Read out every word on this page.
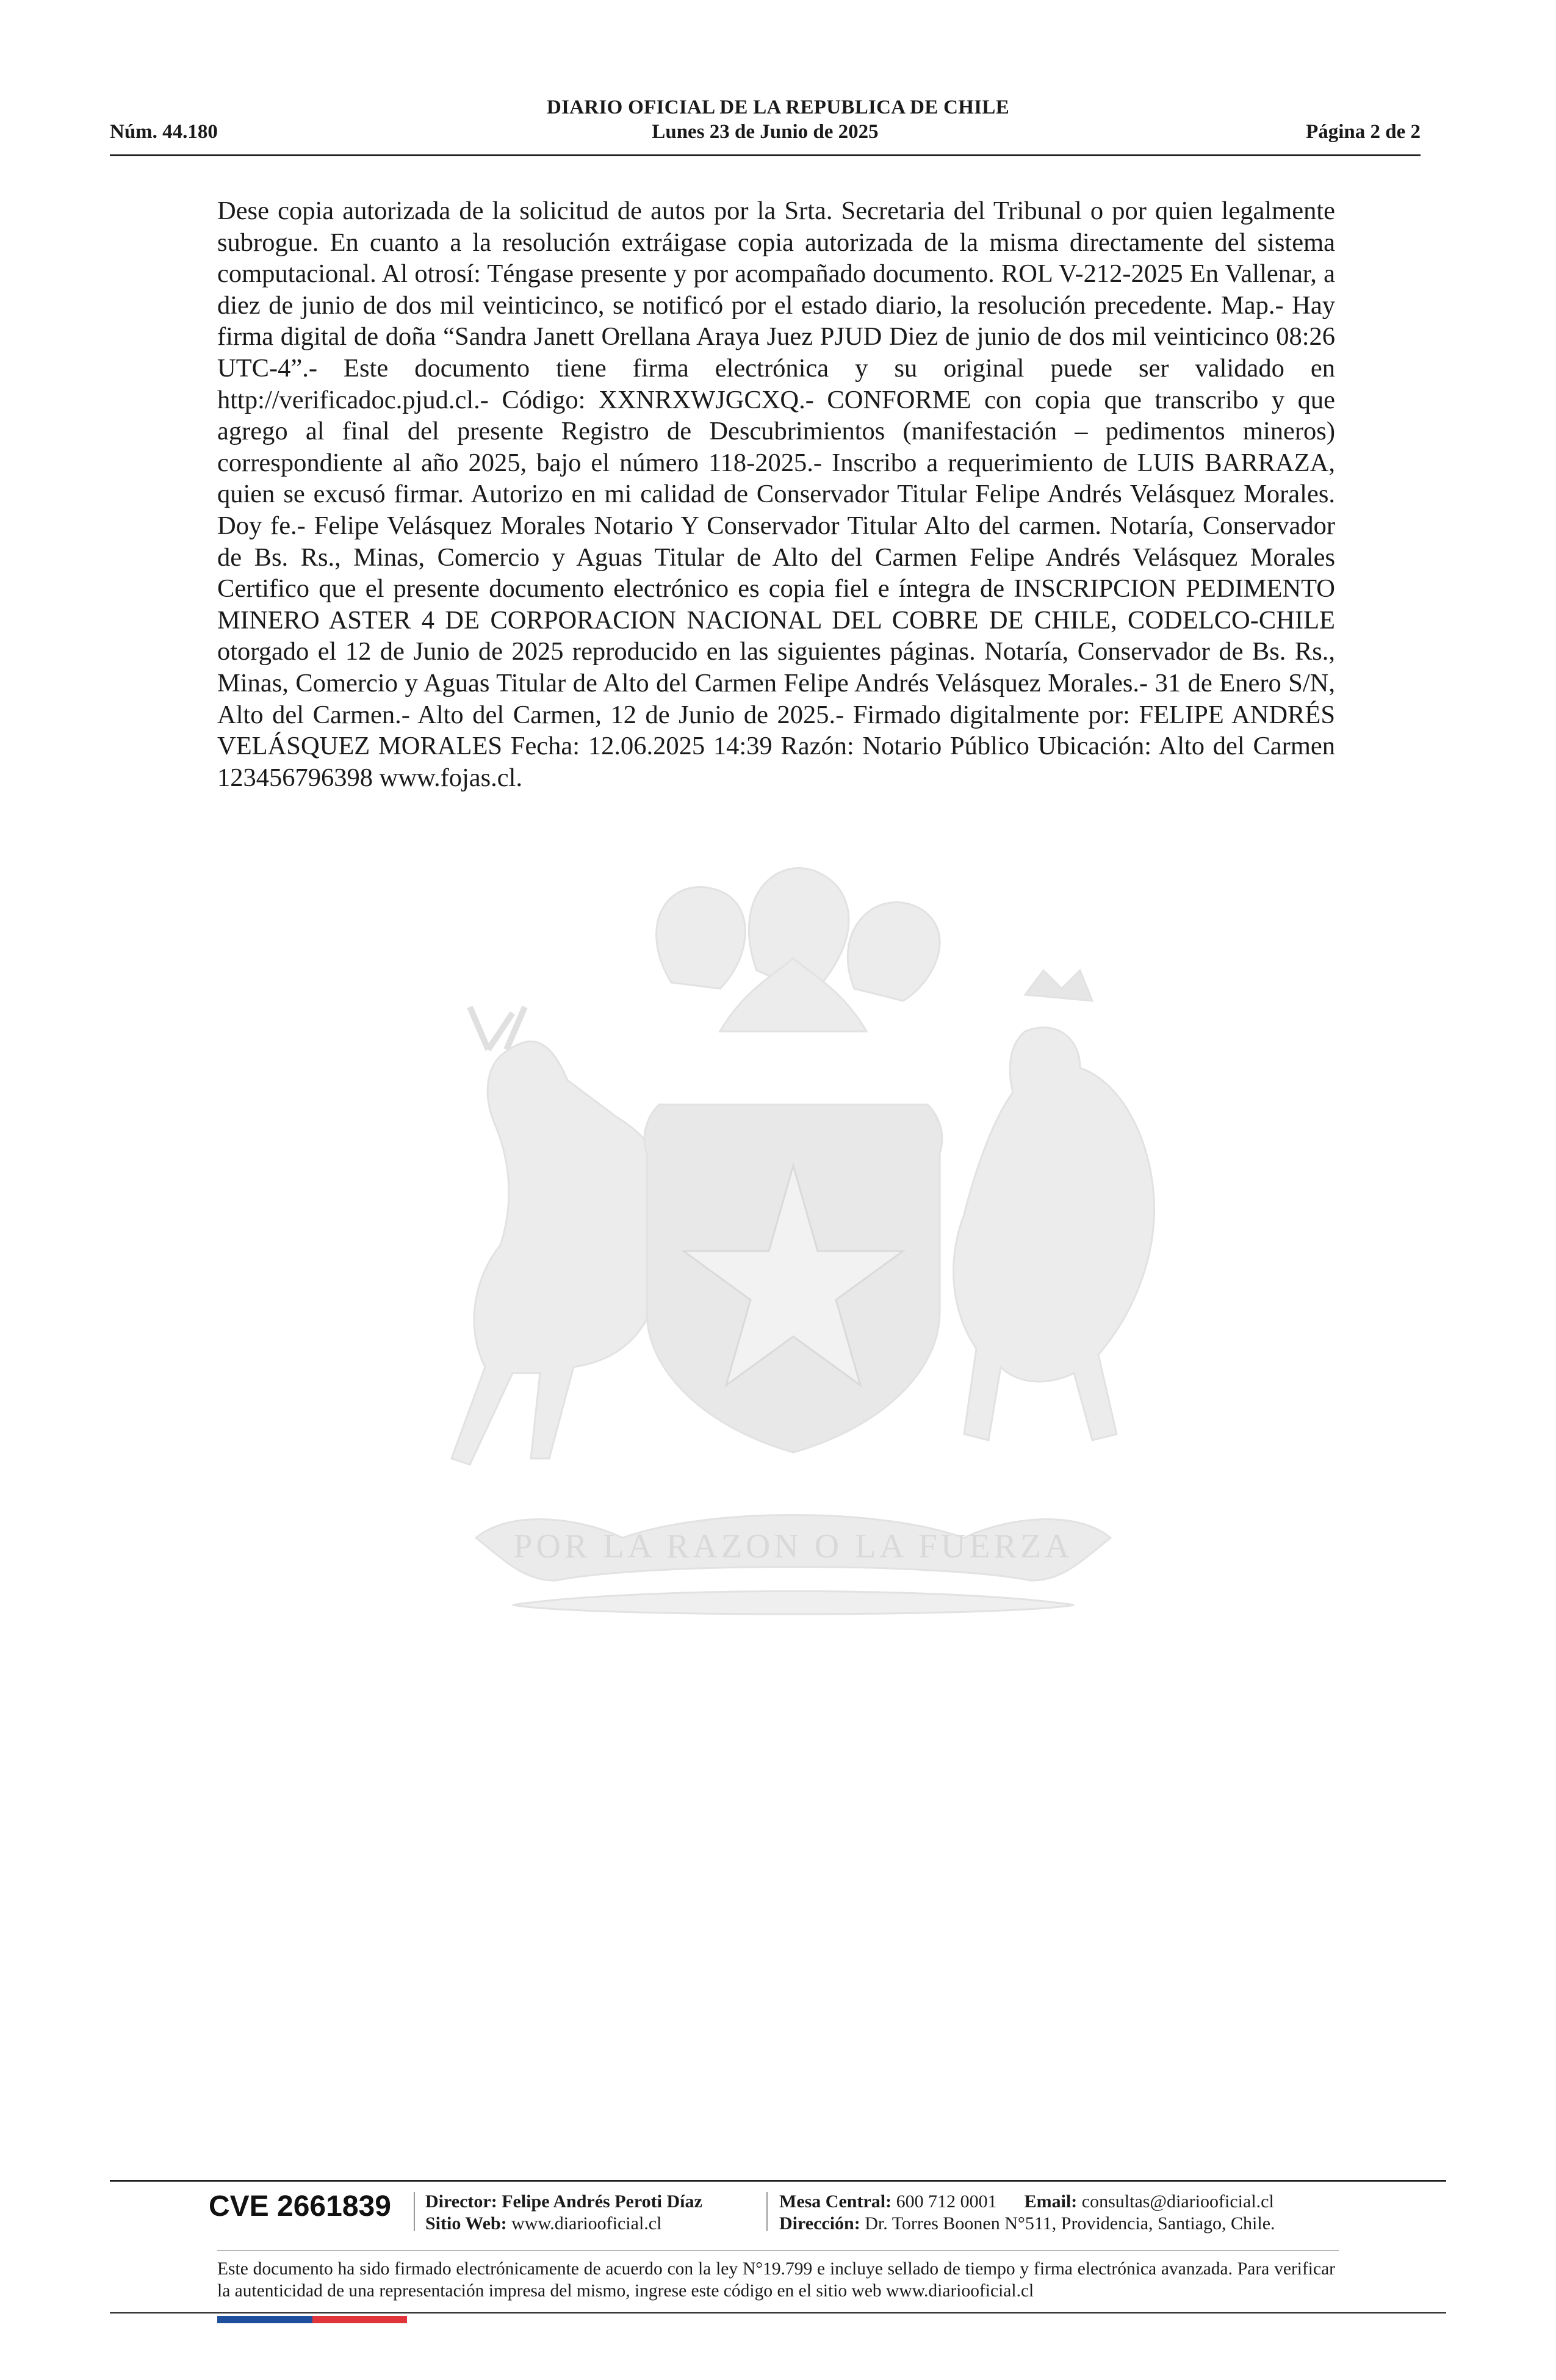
DIARIO OFICIAL DE LA REPUBLICA DE CHILE
Núm. 44.180	Lunes 23 de Junio de 2025	Página 2 de 2
POR LA RAZON O LA FUERZA

Dese copia autorizada de la solicitud de autos por la Srta. Secretaria del Tribunal o por quien legalmente subrogue. En cuanto a la resolución extráigase copia autorizada de la misma directamente del sistema computacional. Al otrosí: Téngase presente y por acompañado documento. ROL V-212-2025 En Vallenar, a diez de junio de dos mil veinticinco, se notificó por el estado diario, la resolución precedente. Map.- Hay firma digital de doña “Sandra Janett Orellana Araya Juez PJUD Diez de junio de dos mil veinticinco 08:26 UTC-4”.- Este documento tiene firma electrónica y su original puede ser validado en http://verificadoc.pjud.cl.- Código: XXNRXWJGCXQ.- CONFORME con copia que transcribo y que agrego al final del presente Registro de Descubrimientos (manifestación – pedimentos mineros) correspondiente al año 2025, bajo el número 118-2025.- Inscribo a requerimiento de LUIS BARRAZA, quien se excusó firmar. Autorizo en mi calidad de Conservador Titular Felipe Andrés Velásquez Morales. Doy fe.- Felipe Velásquez Morales Notario Y Conservador Titular Alto del carmen. Notaría, Conservador de Bs. Rs., Minas, Comercio y Aguas Titular de Alto del Carmen Felipe Andrés Velásquez Morales Certifico que el presente documento electrónico es copia fiel e íntegra de INSCRIPCION PEDIMENTO MINERO ASTER 4 DE CORPORACION NACIONAL DEL COBRE DE CHILE, CODELCO-CHILE otorgado el 12 de Junio de 2025 reproducido en las siguientes páginas. Notaría, Conservador de Bs. Rs., Minas, Comercio y Aguas Titular de Alto del Carmen Felipe Andrés Velásquez Morales.- 31 de Enero S/N, Alto del Carmen.- Alto del Carmen, 12 de Junio de 2025.- Firmado digitalmente por: FELIPE ANDRÉS VELÁSQUEZ MORALES Fecha: 12.06.2025 14:39 Razón: Notario Público Ubicación: Alto del Carmen 123456796398 www.fojas.cl.

CVE 2661839 Director: Felipe Andrés Peroti Díaz
Sitio Web: www.diariooficial.cl
Mesa Central: 600 712 0001 Email: consultas@diariooficial.cl
Dirección: Dr. Torres Boonen N°511, Providencia, Santiago, Chile.

Este documento ha sido firmado electrónicamente de acuerdo con la ley N°19.799 e incluye sellado de tiempo y firma electrónica avanzada. Para verificar la autenticidad de una representación impresa del mismo, ingrese este código en el sitio web www.diariooficial.cl
